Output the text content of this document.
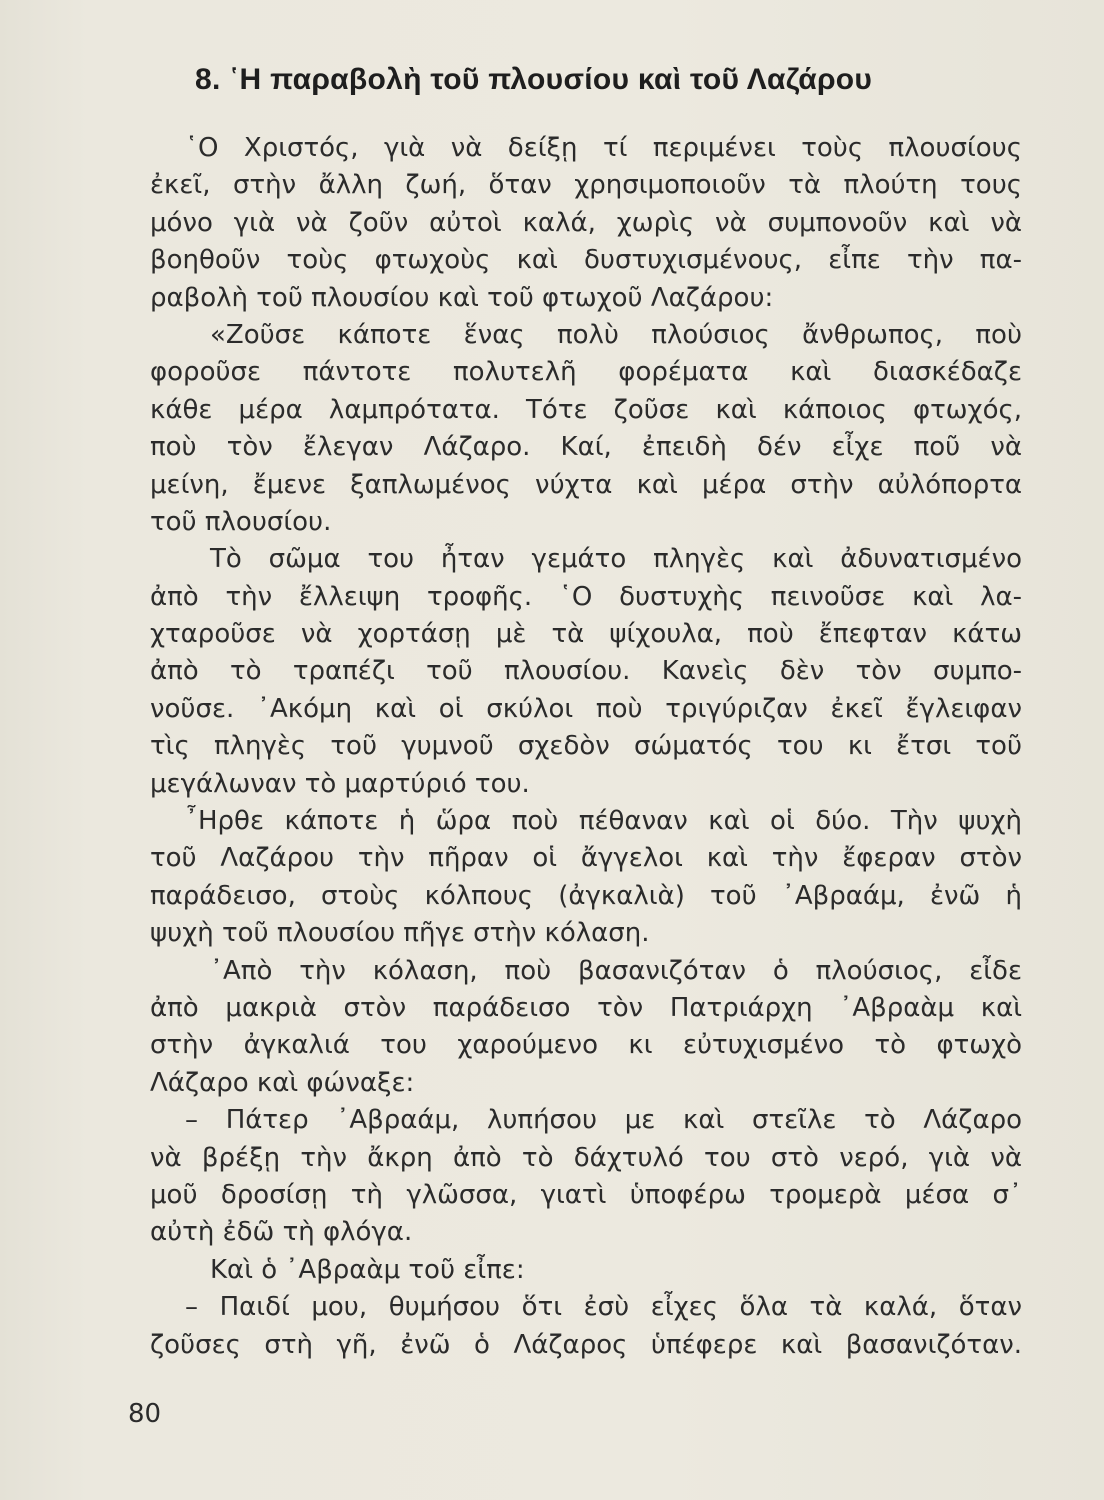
8. ῾Η παραβολὴ τοῦ πλουσίου καὶ τοῦ Λαζάρου
῾Ο Χριστός, γιὰ νὰ δείξῃ τί περιμένει τοὺς πλουσίους
ἐκεῖ, στὴν ἄλλη ζωή, ὅταν χρησιμοποιοῦν τὰ πλούτη τους
μόνο γιὰ νὰ ζοῦν αὐτοὶ καλά, χωρὶς νὰ συμπονοῦν καὶ νὰ
βοηθοῦν τοὺς φτωχοὺς καὶ δυστυχισμένους, εἶπε τὴν πα-
ραβολὴ τοῦ πλουσίου καὶ τοῦ φτωχοῦ Λαζάρου:
«Ζοῦσε κάποτε ἕνας πολὺ πλούσιος ἄνθρωπος, ποὺ
φοροῦσε πάντοτε πολυτελῆ φορέματα καὶ διασκέδαζε
κάθε μέρα λαμπρότατα. Τότε ζοῦσε καὶ κάποιος φτωχός,
ποὺ τὸν ἔλεγαν Λάζαρο. Καί, ἐπειδὴ δέν εἶχε ποῦ νὰ
μείνη, ἔμενε ξαπλωμένος νύχτα καὶ μέρα στὴν αὐλόπορτα
τοῦ πλουσίου.
Τὸ σῶμα του ἦταν γεμάτο πληγὲς καὶ ἀδυνατισμένο
ἀπὸ τὴν ἔλλειψη τροφῆς. ῾Ο δυστυχὴς πεινοῦσε καὶ λα-
χταροῦσε νὰ χορτάσῃ μὲ τὰ ψίχουλα, ποὺ ἔπεφταν κάτω
ἀπὸ τὸ τραπέζι τοῦ πλουσίου. Κανεὶς δὲν τὸν συμπο-
νοῦσε. ᾿Ακόμη καὶ οἱ σκύλοι ποὺ τριγύριζαν ἐκεῖ ἔγλειφαν
τὶς πληγὲς τοῦ γυμνοῦ σχεδὸν σώματός του κι ἔτσι τοῦ
μεγάλωναν τὸ μαρτύριό του.
῏Ηρθε κάποτε ἡ ὥρα ποὺ πέθαναν καὶ οἱ δύο. Τὴν ψυχὴ
τοῦ Λαζάρου τὴν πῆραν οἱ ἄγγελοι καὶ τὴν ἔφεραν στὸν
παράδεισο, στοὺς κόλπους (ἀγκαλιὰ) τοῦ ᾿Αβραάμ, ἐνῶ ἡ
ψυχὴ τοῦ πλουσίου πῆγε στὴν κόλαση.
᾿Απὸ τὴν κόλαση, ποὺ βασανιζόταν ὁ πλούσιος, εἶδε
ἀπὸ μακριὰ στὸν παράδεισο τὸν Πατριάρχη ᾿Αβραὰμ καὶ
στὴν ἀγκαλιά του χαρούμενο κι εὐτυχισμένο τὸ φτωχὸ
Λάζαρο καὶ φώναξε:
– Πάτερ ᾿Αβραάμ, λυπήσου με καὶ στεῖλε τὸ Λάζαρο
νὰ βρέξῃ τὴν ἄκρη ἀπὸ τὸ δάχτυλό του στὸ νερό, γιὰ νὰ
μοῦ δροσίσῃ τὴ γλῶσσα, γιατὶ ὑποφέρω τρομερὰ μέσα σ᾿
αὐτὴ ἐδῶ τὴ φλόγα.
Καὶ ὁ ᾿Αβραὰμ τοῦ εἶπε:
– Παιδί μου, θυμήσου ὅτι ἐσὺ εἶχες ὅλα τὰ καλά, ὅταν
ζοῦσες στὴ γῆ, ἐνῶ ὁ Λάζαρος ὑπέφερε καὶ βασανιζόταν.
80
